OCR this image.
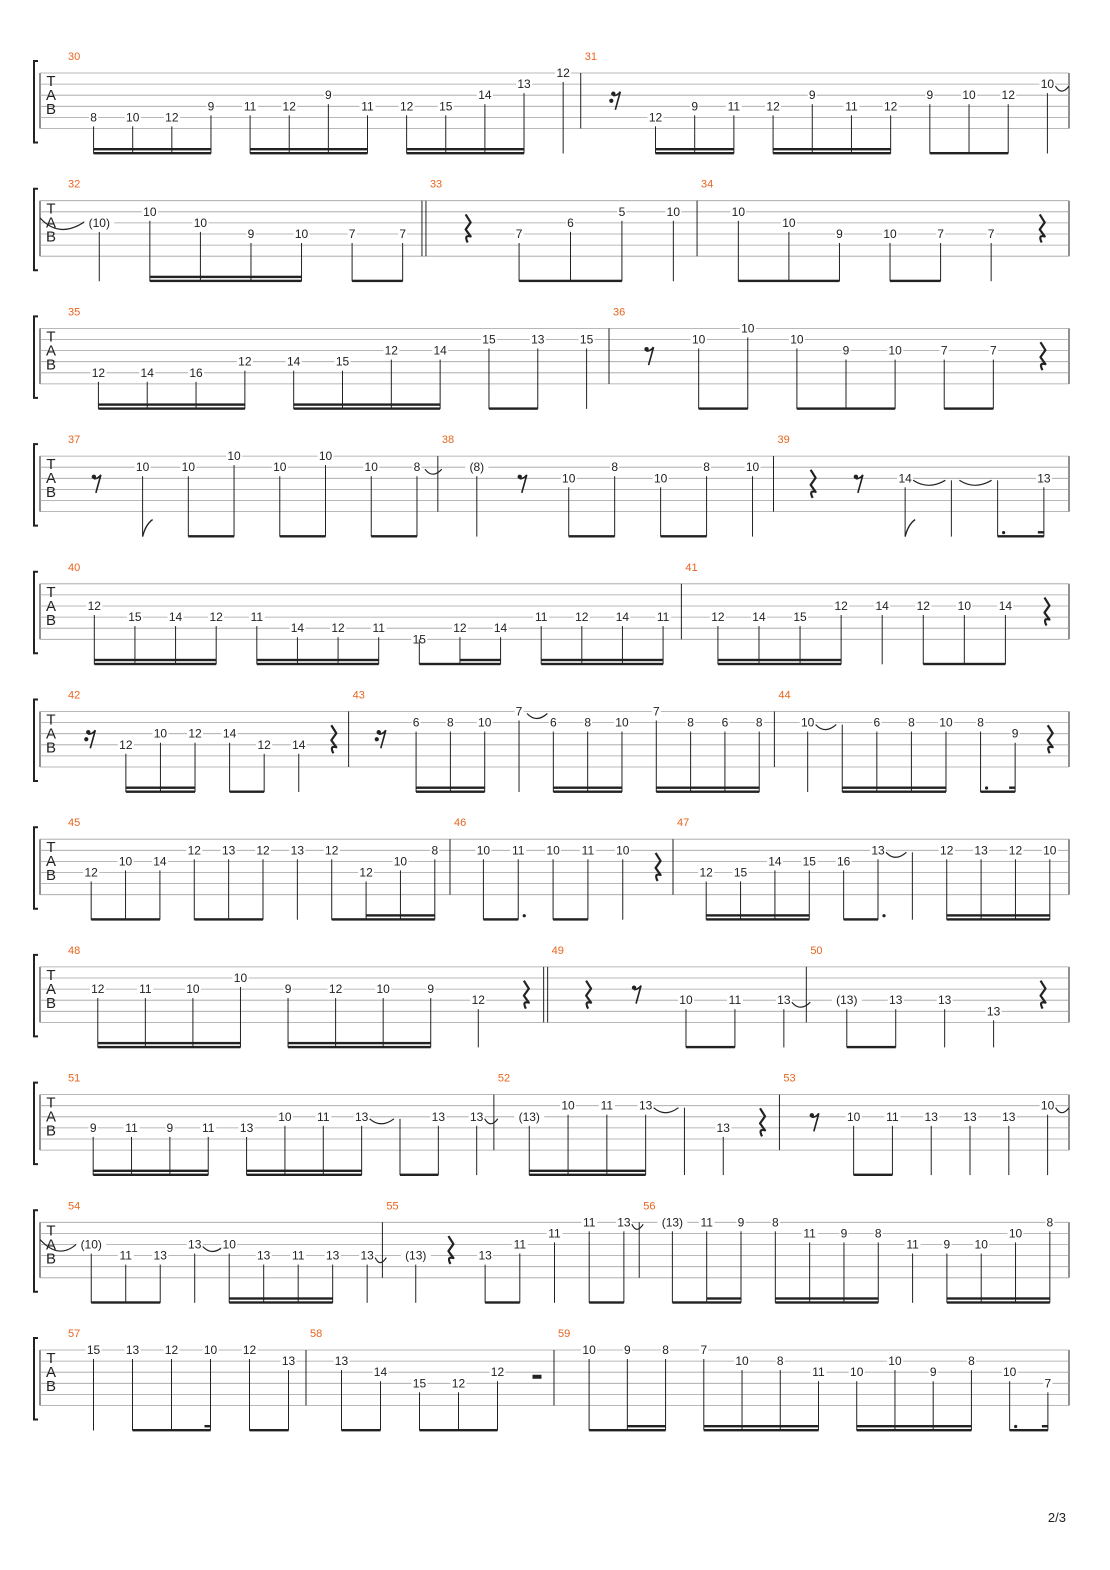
T
A
B
30
8 10 12
9 11 12
9
11 12 15
14
13
12
31
12
9 11 12
9
11 12
9 10 12
10
T
A
B
32
(10)
10
10
9	10	7	7
33
7
6
5	10
34
10
10
9	10	7	7
T
A
B
35
12	14	16
12	14	15
12	14
15	13	15
36
10
10
10
9	10	7	7
T
A
B
37
10	10
10
10
10
10	8
38
(8)
10
8
10
8	10
39
14	13
T
A
B
40
12
15 14 12 11
14 12 11
15
12 14
11 12 14 11
41
12 14 15
12 14 12 10 14
T
A
B
42
12
10 12 14
12 14
43
6 8 10
7
6 8 10
7
8 6 8
44
10	6 8 10 8
9
T
A
B
45
12
10 14
12 13 12 13 12
12
10
8
46
10 11 10 11 10
47
12 15
14 15 16
13	12 13 12 10
T
A
B
48
12	11	10
10
9	12	10	9
12
49
10	11	13
50
(13)	13	13
13
T
A
B
51
9 11 9 11 13
10 11 13	13 13
52
(13)
10 11 13
13
53
10 11 13 13 13
10
T
A
B
54
(10)
11 13
13 10
13 11 13 13
55
(13)	13
11
11
11 13
56
(13) 11 9 8
11 9 8
11 9 10
10
8
T
A
B
57
15 13 12 10 12
13
58
13
14
15 12
12
59
10 9	8	7
10 8
11 10
10
9
8
10
7
2/3
